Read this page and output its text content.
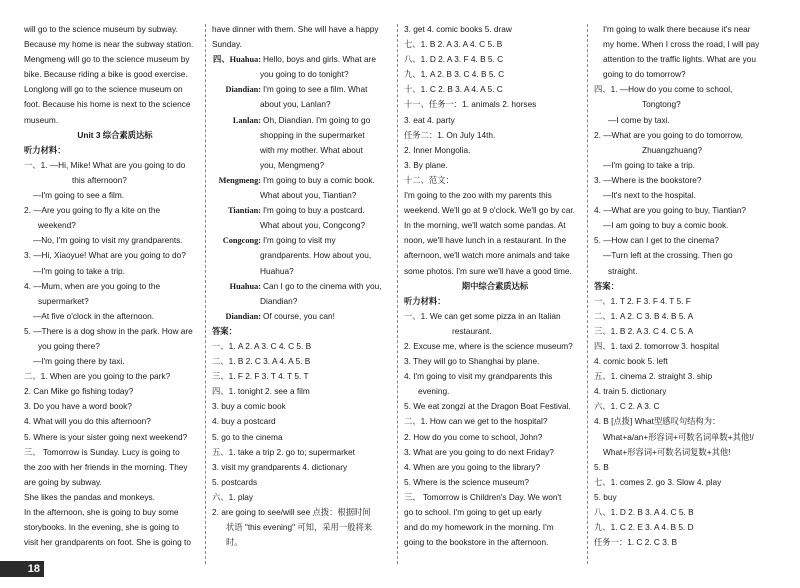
will go to the science museum by subway.
Because my home is near the subway station.
Mengmeng will go to the science museum by
bike. Because riding a bike is good exercise.
Longlong will go to the science museum on
foot. Because his home is next to the science
museum.
Unit 3 综合素质达标
听力材料：
一、1. —Hi, Mike! What are you going to do
this afternoon?
—I'm going to see a film.
2. —Are you going to fly a kite on the
weekend?
—No, I'm going to visit my grandparents.
3. —Hi, Xiaoyue! What are you going to do?
—I'm going to take a trip.
4. —Mum, when are you going to the
supermarket?
—At five o'clock in the afternoon.
5. —There is a dog show in the park. How are
you going there?
—I'm going there by taxi.
二、1. When are you going to the park?
2. Can Mike go fishing today?
3. Do you have a word book?
4. What will you do this afternoon?
5. Where is your sister going next weekend?
三、 Tomorrow is Sunday. Lucy is going to
the zoo with her friends in the morning. They
are going by subway.
She likes the pandas and monkeys.
In the afternoon, she is going to buy some
storybooks. In the evening, she is going to
visit her grandparents on foot. She is going to
have dinner with them. She will have a happy
Sunday.
四、Huahua: Hello, boys and girls. What are
you going to do tonight?
Diandian: I'm going to see a film. What
about you, Lanlan?
Lanlan: Oh, Diandian. I'm going to go
shopping in the supermarket
with my mother. What about
you, Mengmeng?
Mengmeng: I'm going to buy a comic book.
What about you, Tiantian?
Tiantian: I'm going to buy a postcard.
What about you, Congcong?
Congcong: I'm going to visit my
grandparents. How about you,
Huahua?
Huahua: Can I go to the cinema with you,
Diandian?
Diandian: Of course, you can!
答案：
一、1. A 2. A 3. C 4. C 5. B
二、1. B 2. C 3. A 4. A 5. B
三、1. F 2. F 3. T 4. T 5. T
四、1. tonight 2. see a film
3. buy a comic book
4. buy a postcard
5. go to the cinema
五、1. take a trip 2. go to; supermarket
3. visit my grandparents 4. dictionary
5. postcards
六、1. play
2. are going to see/will see 点拨：根据时间
状语 "this evening" 可知，采用一般将来
时。
3. get 4. comic books 5. draw
七、1. B 2. A 3. A 4. C 5. B
八、1. D 2. A 3. F 4. B 5. C
九、1. A 2. B 3. C 4. B 5. C
十、1. C 2. B 3. A 4. A 5. C
十一、任务一：1. animals 2. horses
3. eat 4. party
任务二：1. On July 14th.
2. Inner Mongolia.
3. By plane.
十二、范文：
I'm going to the zoo with my parents this
weekend. We'll go at 9 o'clock. We'll go by car.
In the morning, we'll watch some pandas. At
noon, we'll have lunch in a restaurant. In the
afternoon, we'll watch more animals and take
some photos. I'm sure we'll have a good time.
期中综合素质达标
听力材料：
一、1. We can get some pizza in an Italian
restaurant.
2. Excuse me, where is the science museum?
3. They will go to Shanghai by plane.
4. I'm going to visit my grandparents this
evening.
5. We eat zongzi at the Dragon Boat Festival.
二、1. How can we get to the hospital?
2. How do you come to school, John?
3. What are you going to do next Friday?
4. When are you going to the library?
5. Where is the science museum?
三、 Tomorrow is Children's Day. We won't
go to school. I'm going to get up early
and do my homework in the morning. I'm
going to the bookstore in the afternoon.
I'm going to walk there because it's near
my home. When I cross the road, I will pay
attention to the traffic lights. What are you
going to do tomorrow?
四、1. —How do you come to school,
Tongtong?
—I come by taxi.
2. —What are you going to do tomorrow,
Zhuangzhuang?
—I'm going to take a trip.
3. —Where is the bookstore?
—It's next to the hospital.
4. —What are you going to buy, Tiantian?
—I am going to buy a comic book.
5. —How can I get to the cinema?
—Turn left at the crossing. Then go
straight.
答案：
一、1. T 2. F 3. F 4. T 5. F
二、1. A 2. C 3. B 4. B 5. A
三、1. B 2. A 3. C 4. C 5. A
四、1. taxi 2. tomorrow 3. hospital
4. comic book 5. left
五、1. cinema 2. straight 3. ship
4. train 5. dictionary
六、1. C 2. A 3. C
4. B [点拨] What型感叹句结构为：
What+a/an+形容词+可数名词单数+其他!/
What+形容词+可数名词复数+其他!
5. B
七、1. comes 2. go 3. Slow 4. play
5. buy
八、1. D 2. B 3. A 4. C 5. B
九、1. C 2. E 3. A 4. B 5. D
任务一：1. C 2. C 3. B
18
